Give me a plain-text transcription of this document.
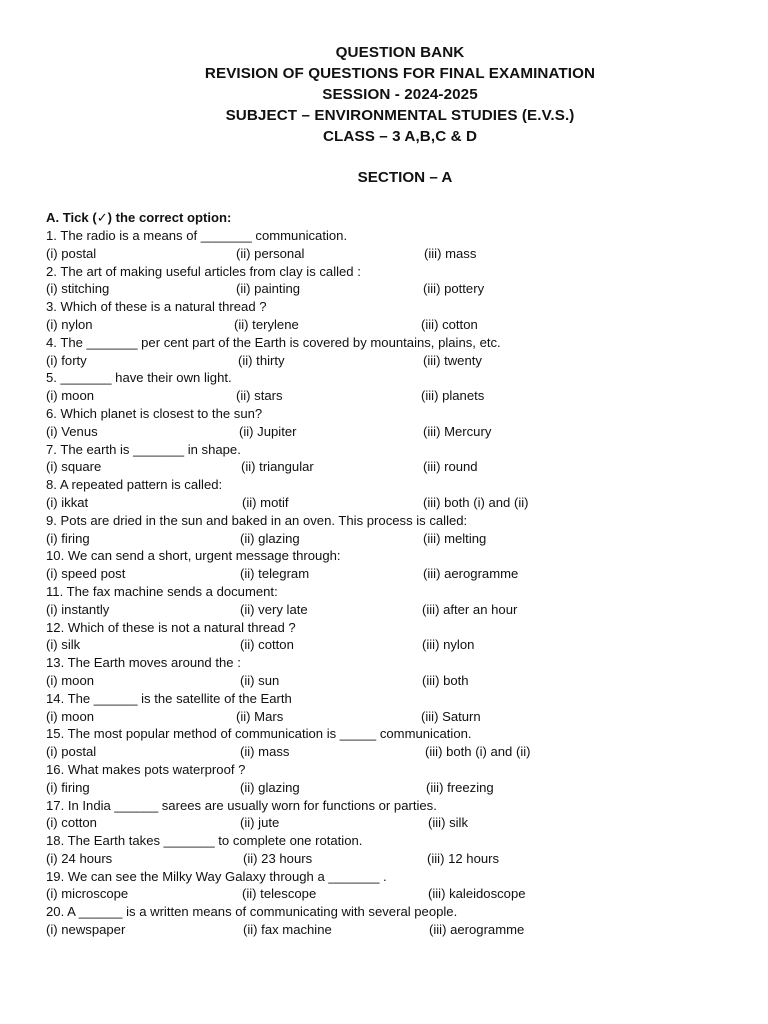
QUESTION BANK
REVISION OF QUESTIONS FOR FINAL EXAMINATION
SESSION - 2024-2025
SUBJECT – ENVIRONMENTAL STUDIES (E.V.S.)
CLASS – 3 A,B,C & D
SECTION – A
A. Tick (✓) the correct option:
1. The radio is a means of _______ communication.
(i) postal	(ii) personal	(iii) mass
2. The art of making useful articles from clay is called :
(i) stitching	(ii) painting	(iii) pottery
3. Which of these is a natural thread ?
(i) nylon	(ii) terylene	(iii) cotton
4. The _______ per cent part of the Earth is covered by mountains, plains, etc.
(i) forty	(ii) thirty	(iii) twenty
5. _______ have their own light.
(i) moon	(ii) stars	(iii) planets
6. Which planet is closest to the sun?
(i) Venus	(ii) Jupiter	(iii) Mercury
7. The earth is _______ in shape.
(i) square	(ii) triangular	(iii) round
8. A repeated pattern is called:
(i) ikkat	(ii) motif	(iii) both (i) and (ii)
9. Pots are dried in the sun and baked in an oven. This process is called:
(i) firing	(ii) glazing	(iii) melting
10. We can send a short, urgent message through:
(i) speed post	(ii) telegram	(iii) aerogramme
11. The fax machine sends a document:
(i) instantly	(ii) very late	(iii) after an hour
12. Which of these is not a natural thread ?
(i) silk	(ii) cotton	(iii) nylon
13. The Earth moves around the :
(i) moon	(ii) sun	(iii) both
14. The ______ is the satellite of the Earth
(i) moon	(ii) Mars	(iii) Saturn
15. The most popular method of communication is _____ communication.
(i) postal	(ii) mass	(iii) both (i) and (ii)
16. What makes pots waterproof ?
(i) firing	(ii) glazing	(iii) freezing
17. In India ______ sarees are usually worn for functions or parties.
(i) cotton	(ii) jute	(iii) silk
18. The Earth takes _______ to complete one rotation.
(i) 24 hours	(ii) 23 hours	(iii) 12 hours
19. We can see the Milky Way Galaxy through a _______ .
(i) microscope	(ii) telescope	(iii) kaleidoscope
20. A ______ is a written means of communicating with several people.
(i) newspaper	(ii) fax machine	(iii) aerogramme
